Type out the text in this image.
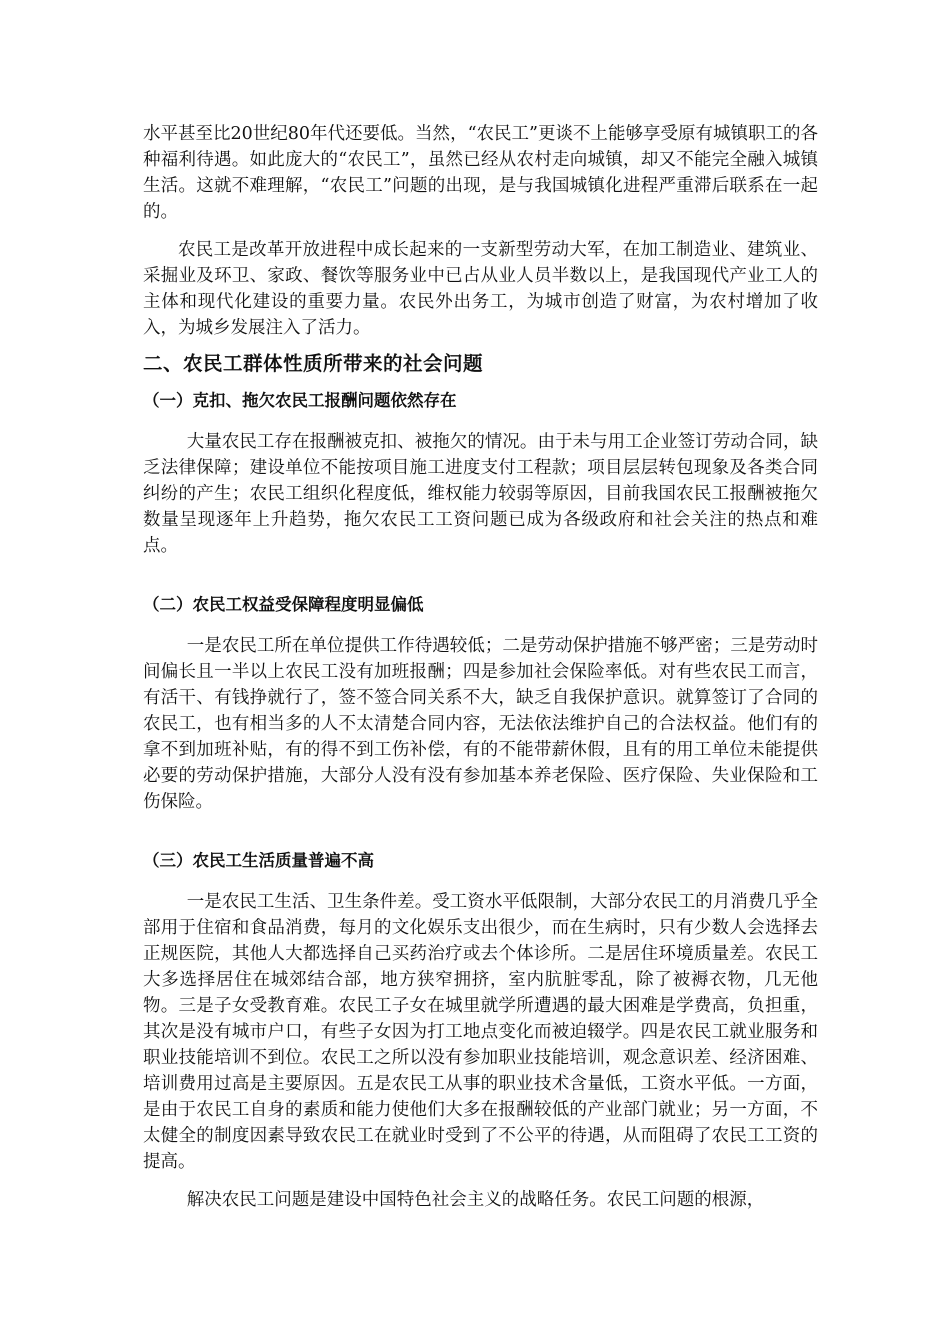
水平甚至比20世纪80年代还要低。当然，“农民工”更谈不上能够享受原有城镇职工的各种福利待遇。如此庞大的“农民工”，虽然已经从农村走向城镇，却又不能完全融入城镇生活。这就不难理解，“农民工”问题的出现，是与我国城镇化进程严重滞后联系在一起的。

农民工是改革开放进程中成长起来的一支新型劳动大军，在加工制造业、建筑业、采掘业及环卫、家政、餐饮等服务业中已占从业人员半数以上，是我国现代产业工人的主体和现代化建设的重要力量。农民外出务工，为城市创造了财富，为农村增加了收入，为城乡发展注入了活力。

二、农民工群体性质所带来的社会问题
（一）克扣、拖欠农民工报酬问题依然存在

大量农民工存在报酬被克扣、被拖欠的情况。由于未与用工企业签订劳动合同，缺乏法律保障；建设单位不能按项目施工进度支付工程款；项目层层转包现象及各类合同纠纷的产生；农民工组织化程度低，维权能力较弱等原因，目前我国农民工报酬被拖欠数量呈现逐年上升趋势，拖欠农民工工资问题已成为各级政府和社会关注的热点和难点。

（二）农民工权益受保障程度明显偏低

一是农民工所在单位提供工作待遇较低；二是劳动保护措施不够严密；三是劳动时间偏长且一半以上农民工没有加班报酬；四是参加社会保险率低。对有些农民工而言，有活干、有钱挣就行了，签不签合同关系不大，缺乏自我保护意识。就算签订了合同的农民工，也有相当多的人不太清楚合同内容，无法依法维护自己的合法权益。他们有的拿不到加班补贴，有的得不到工伤补偿，有的不能带薪休假，且有的用工单位未能提供必要的劳动保护措施，大部分人没有没有参加基本养老保险、医疗保险、失业保险和工伤保险。

（三）农民工生活质量普遍不高

一是农民工生活、卫生条件差。受工资水平低限制，大部分农民工的月消费几乎全部用于住宿和食品消费，每月的文化娱乐支出很少，而在生病时，只有少数人会选择去正规医院，其他人大都选择自己买药治疗或去个体诊所。二是居住环境质量差。农民工大多选择居住在城郊结合部，地方狭窄拥挤，室内肮脏零乱，除了被褥衣物，几无他物。三是子女受教育难。农民工子女在城里就学所遭遇的最大困难是学费高，负担重，其次是没有城市户口，有些子女因为打工地点变化而被迫辍学。四是农民工就业服务和职业技能培训不到位。农民工之所以没有参加职业技能培训，观念意识差、经济困难、培训费用过高是主要原因。五是农民工从事的职业技术含量低，工资水平低。一方面，是由于农民工自身的素质和能力使他们大多在报酬较低的产业部门就业；另一方面，不太健全的制度因素导致农民工在就业时受到了不公平的待遇，从而阻碍了农民工工资的提高。

解决农民工问题是建设中国特色社会主义的战略任务。农民工问题的根源，
